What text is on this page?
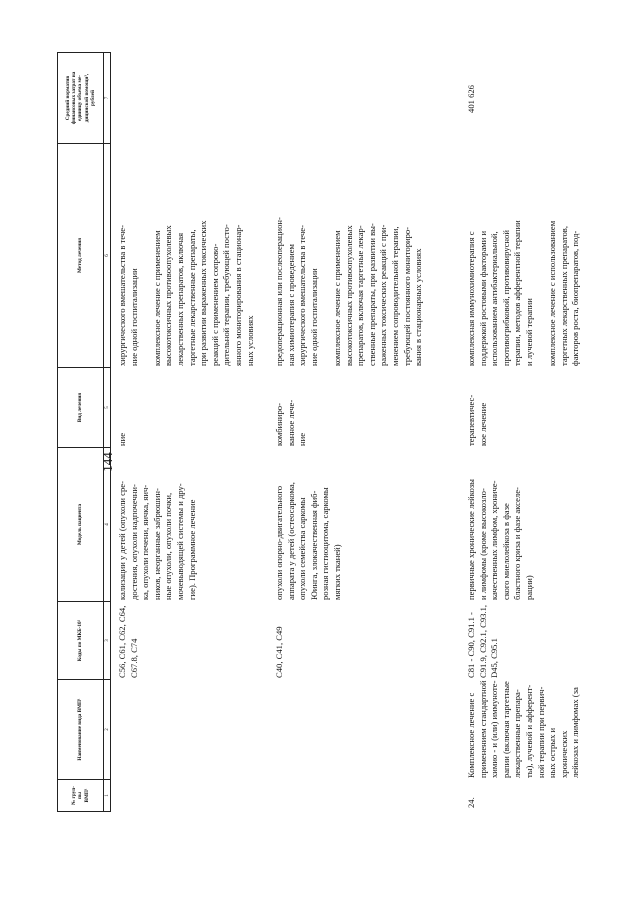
144
№ груп-
пы
ВМП¹
Наименование вида ВМП¹
Коды по МКБ-10²
Модель пациента
Вид лечения
Метод лечения
Средний норматив
финансовых затрат на
единицу объема ме-
дицинской помощи³,
рублей
1
2
3
4
5
6
7
C56, C61, C62, C64,
C67.8, C74
кализации у детей (опухоли сре-
достения, опухоли надпочечни-
ка, опухоли печени, яичка, яич-
ников, неорганные забрюшин-
ные опухоли, опухоли почки,
мочевыводящей системы и дру-
гие). Программное лечение
ние
хирургического вмешательства в тече-
ние одной госпитализации

комплексное лечение с применением
высокотоксичных противоопухолевых
лекарственных препаратов, включая
таргетные лекарственные препараты,
при развитии выраженных токсических
реакций с применением сопрово-
дительной терапии, требующей посто-
янного мониторирования в стационар-
ных условиях
C40, C41, C49
опухоли опорно-двигательного
аппарата у детей (остеосаркома,
опухоли семейства саркомы
Юинга, злокачественная фиб-
розная гистиоцитома, саркомы
мягких тканей)
комбиниро-
ванное лече-
ние
предоперационная или послеоперацион-
ная химиотерапия с проведением
хирургического вмешательства в тече-
ние одной госпитализации

комплексное лечение с применением
высокотоксичных противоопухолевых
препаратов, включая таргетные лекар-
ственные препараты, при развитии вы-
раженных токсических реакций с при-
менением сопроводительной терапии,
требующей постоянного мониториро-
вания в стационарных условиях
24.
Комплексное лечение с
применением стандартной
химио - и (или) иммуноте-
рапии (включая таргетные
лекарственные препара-
ты), лучевой и афферент-
ной терапии при первич-
ных острых и хронических
лейкозах и лимфомах (за
C81 - C90, C91.1 -
C91.9, C92.1, C93.1,
D45, C95.1
первичные хронические лейкозы
и лимфомы (кроме высокозло-
качественных лимфом, хрониче-
ского миелолейкоза в фазе
бластного криза и фазе акселе-
рации)
терапевтичес-
кое лечение
комплексная иммунохимиотерапия с
поддержкой ростовыми факторами и
использованием антибактериальной,
противогрибковой, противовирусной
терапии, методов афферентной терапии
и лучевой терапии

комплексное лечение с использованием
таргетных лекарственных препаратов,
факторов роста, биопрепаратов, под-
401 626
